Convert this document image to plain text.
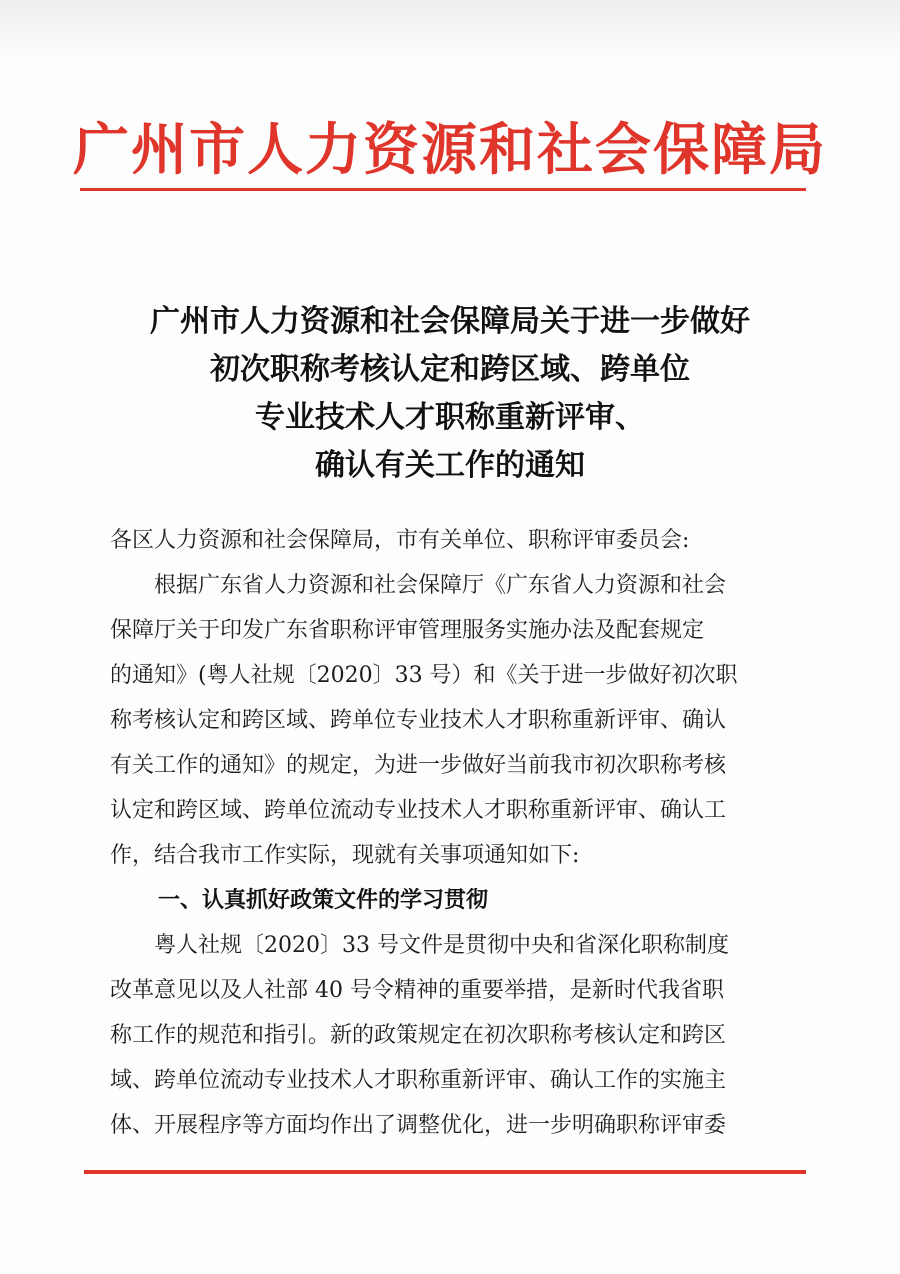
广州市人力资源和社会保障局
广州市人力资源和社会保障局关于进一步做好
初次职称考核认定和跨区域、跨单位
专业技术人才职称重新评审、
确认有关工作的通知
各区人力资源和社会保障局，市有关单位、职称评审委员会:
　　根据广东省人力资源和社会保障厅《广东省人力资源和社会
保障厅关于印发广东省职称评审管理服务实施办法及配套规定
的通知》(粤人社规〔2020〕33 号）和《关于进一步做好初次职
称考核认定和跨区域、跨单位专业技术人才职称重新评审、确认
有关工作的通知》的规定，为进一步做好当前我市初次职称考核
认定和跨区域、跨单位流动专业技术人才职称重新评审、确认工
作，结合我市工作实际，现就有关事项通知如下:
一、认真抓好政策文件的学习贯彻
　　粤人社规〔2020〕33 号文件是贯彻中央和省深化职称制度
改革意见以及人社部 40 号令精神的重要举措，是新时代我省职
称工作的规范和指引。新的政策规定在初次职称考核认定和跨区
域、跨单位流动专业技术人才职称重新评审、确认工作的实施主
体、开展程序等方面均作出了调整优化，进一步明确职称评审委
